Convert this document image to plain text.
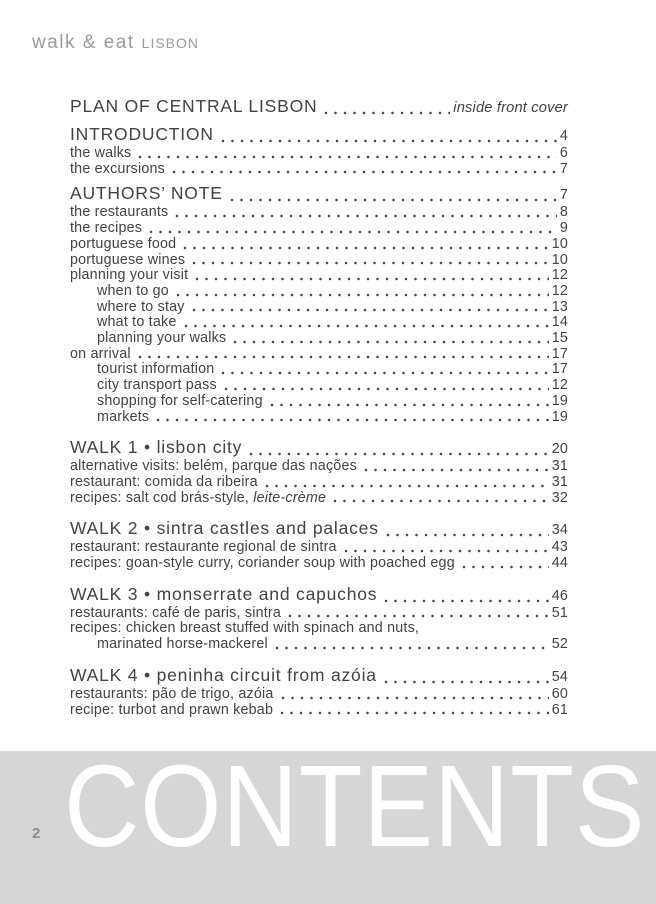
walk & eat LISBON
PLAN OF CENTRAL LISBON	inside front cover
INTRODUCTION	4
the walks	6
the excursions	7
AUTHORS’ NOTE	7
the restaurants	8
the recipes	9
portuguese food	10
portuguese wines	10
planning your visit	12
when to go	12
where to stay	13
what to take	14
planning your walks	15
on arrival	17
tourist information	17
city transport pass	12
shopping for self-catering	19
markets	19
WALK 1 • lisbon city	20
alternative visits: belém, parque das nações	31
restaurant: comida da ribeira	31
recipes: salt cod brás-style, leite-crème	32
WALK 2 • sintra castles and palaces	34
restaurant: restaurante regional de sintra	43
recipes: goan-style curry, coriander soup with poached egg	44
WALK 3 • monserrate and capuchos	46
restaurants: café de paris, sintra	51
recipes: chicken breast stuffed with spinach and nuts,
marinated horse-mackerel	52
WALK 4 • peninha circuit from azóia	54
restaurants: pão de trigo, azóia	60
recipe: turbot and prawn kebab	61
CONTENTS
2
